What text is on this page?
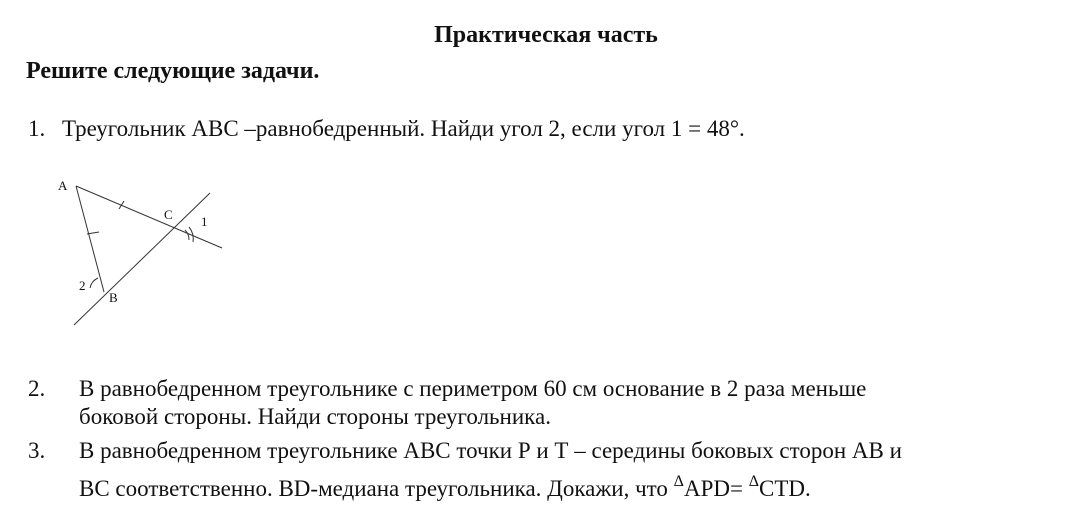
Практическая часть
Решите следующие задачи.
1. Треугольник АВС –равнобедренный. Найди угол 2, если угол 1 = 48°.
A
C 1
2
B
2. В равнобедренном треугольнике с периметром 60 см основание в 2 раза меньше
боковой стороны. Найди стороны треугольника.
3. В равнобедренном треугольнике АВС точки Р и Т – середины боковых сторон АВ и
ВС соответственно. BD-медиана треугольника. Докажи, что $^\Delta$APD= $^\Delta$CTD.
